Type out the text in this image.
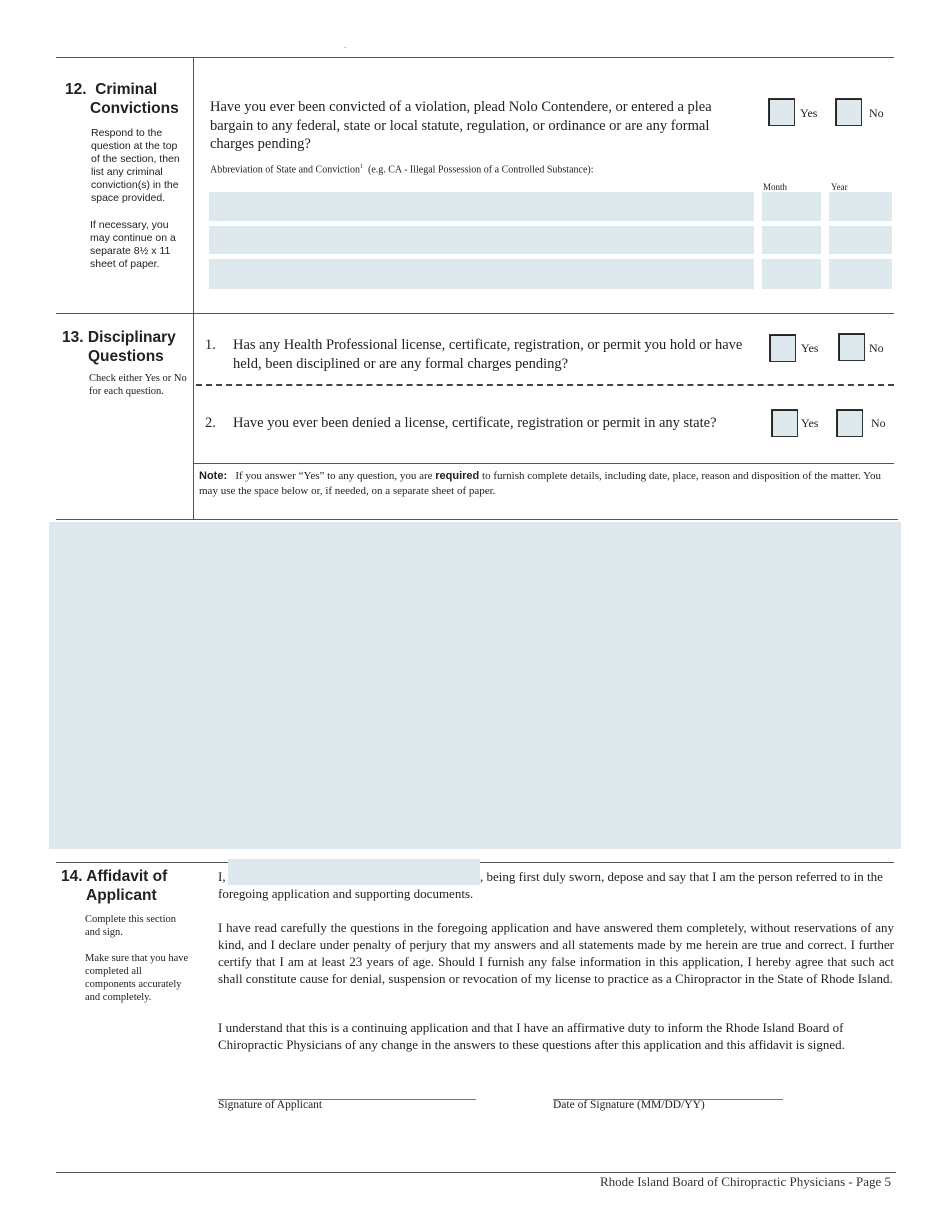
.
12. Criminal
Convictions
Respond to the question at the top of the section, then list any criminal conviction(s) in the space provided.
If necessary, you may continue on a separate 8½ x 11 sheet of paper.
Have you ever been convicted of a violation, plead Nolo Contendere, or entered a plea bargain to any federal, state or local statute, regulation, or ordinance or are any formal charges pending?
Yes	No
Abbreviation of State and Conviction$^1$ (e.g. CA - Illegal Possession of a Controlled Substance):
Month	Year
13. Disciplinary
Questions
Check either Yes or No for each question.
1. Has any Health Professional license, certificate, registration, or permit you hold or have held, been disciplined or are any formal charges pending?
Yes	No
2. Have you ever been denied a license, certificate, registration or permit in any state?	Yes	No
Note: If you answer “Yes” to any question, you are required to furnish complete details, including date, place, reason and disposition of the matter. You may use the space below or, if needed, on a separate sheet of paper.
14. Affidavit of
Applicant
Complete this section and sign.
Make sure that you have completed all components accurately and completely.
I,	, being first duly sworn, depose and say that I am the person referred to in the foregoing application and supporting documents.
I have read carefully the questions in the foregoing application and have answered them completely, without reservations of any kind, and I declare under penalty of perjury that my answers and all statements made by me herein are true and correct. I further certify that I am at least 23 years of age. Should I furnish any false information in this application, I hereby agree that such act shall constitute cause for denial, suspension or revocation of my license to practice as a Chiropractor in the State of Rhode Island.
I understand that this is a continuing application and that I have an affirmative duty to inform the Rhode Island Board of Chiropractic Physicians of any change in the answers to these questions after this application and this affidavit is signed.
Signature of Applicant	Date of Signature (MM/DD/YY)
Rhode Island Board of Chiropractic Physicians - Page 5
